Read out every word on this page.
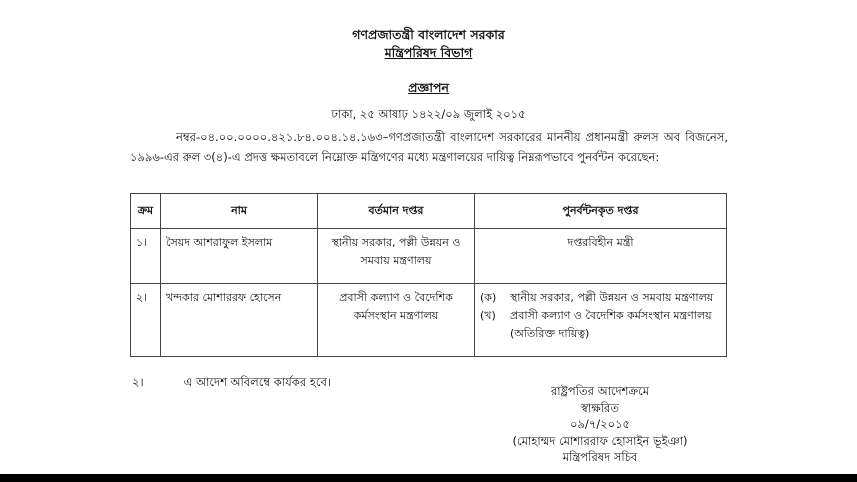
গণপ্রজাতন্ত্রী বাংলাদেশ সরকার
মন্ত্রিপরিষদ বিভাগ
প্রজ্ঞাপন
ঢাকা, ২৫ আষাঢ় ১৪২২/০৯ জুলাই ২০১৫
নম্বর-০৪.০০.০০০০.৪২১.৮৪.০০৪.১৪.১৬৩–গণপ্রজাতন্ত্রী বাংলাদেশ সরকারের মাননীয় প্রধানমন্ত্রী রুলস অব বিজনেস, ১৯৯৬-এর রুল ৩(৪)-এ প্রদত্ত ক্ষমতাবলে নিম্নোক্ত মন্ত্রিগণের মধ্যে মন্ত্রণালয়ের দায়িত্ব নিম্নরূপভাবে পুনর্বন্টন করেছেন:
ক্রম	নাম	বর্তমান দপ্তর	পুনর্বন্টনকৃত দপ্তর
১।	সৈয়দ আশরাফুল ইসলাম	স্থানীয় সরকার, পল্লী উন্নয়ন ও সমবায় মন্ত্রণালয়	দপ্তরবিহীন মন্ত্রী
২।	খন্দকার মোশাররফ হোসেন	প্রবাসী কল্যাণ ও বৈদেশিক কর্মসংস্থান মন্ত্রণালয়	(ক) স্থানীয় সরকার, পল্লী উন্নয়ন ও সমবায় মন্ত্রণালয়
(খ) প্রবাসী কল্যাণ ও বৈদেশিক কর্মসংস্থান মন্ত্রণালয় (অতিরিক্ত দায়িত্ব)
২।	এ আদেশ অবিলম্বে কার্যকর হবে।
রাষ্ট্রপতির আদেশক্রমে
স্বাক্ষরিত
০৯/৭/২০১৫
(মোহাম্মদ মোশাররাফ হোসাইন ভূইঞা)
মন্ত্রিপরিষদ সচিব
